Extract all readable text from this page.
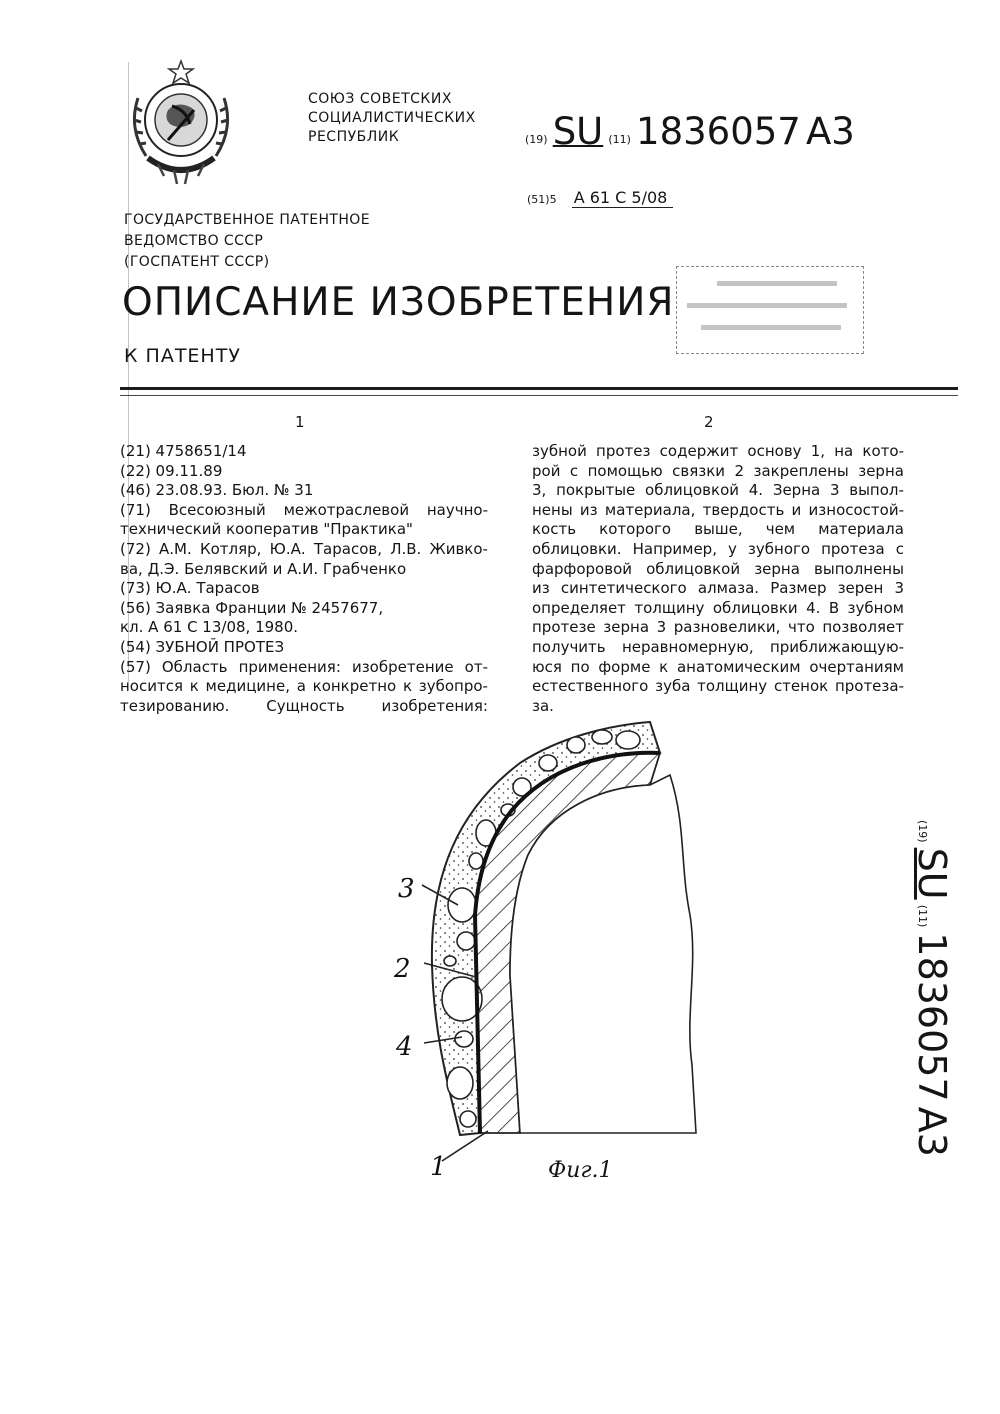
СОЮЗ СОВЕТСКИХ
СОЦИАЛИСТИЧЕСКИХ
РЕСПУБЛИК	(19) SU (11) 1836057 A3
(51)5 A 61 C 5/08
ГОСУДАРСТВЕННОЕ ПАТЕНТНОЕ
ВЕДОМСТВО СССР
(ГОСПАТЕНТ СССР)
ОПИСАНИЕ ИЗОБРЕТЕНИЯ
К ПАТЕНТУ
1	2
(21) 4758651/14
(22) 09.11.89
(46) 23.08.93. Бюл. № 31
(71) Всесоюзный межотраслевой научно-
технический кооператив "Практика"
(72) А.М. Котляр, Ю.А. Тарасов, Л.В. Живко-
ва, Д.Э. Белявский и А.И. Грабченко
(73) Ю.А. Тарасов
(56) Заявка Франции № 2457677,
кл. А 61 С 13/08, 1980.
(54) ЗУБНОЙ ПРОТЕЗ
(57) Область применения: изобретение от-
носится к медицине, а конкретно к зубопро-
тезированию. Сущность изобретения:
зубной протез содержит основу 1, на кото-
рой с помощью связки 2 закреплены зерна
3, покрытые облицовкой 4. Зерна 3 выпол-
нены из материала, твердость и износостой-
кость которого выше, чем материала
облицовки. Например, у зубного протеза с
фарфоровой облицовкой зерна выполнены
из синтетического алмаза. Размер зерен 3
определяет толщину облицовки 4. В зубном
протезе зерна 3 разновелики, что позволяет
получить неравномерную, приближающую-
юся по форме к анатомическим очертаниям
естественного зуба толщину стенок протеза-
за.
3
2
4
1	Фиг.1
(19) SU (11) 1836057 A3
